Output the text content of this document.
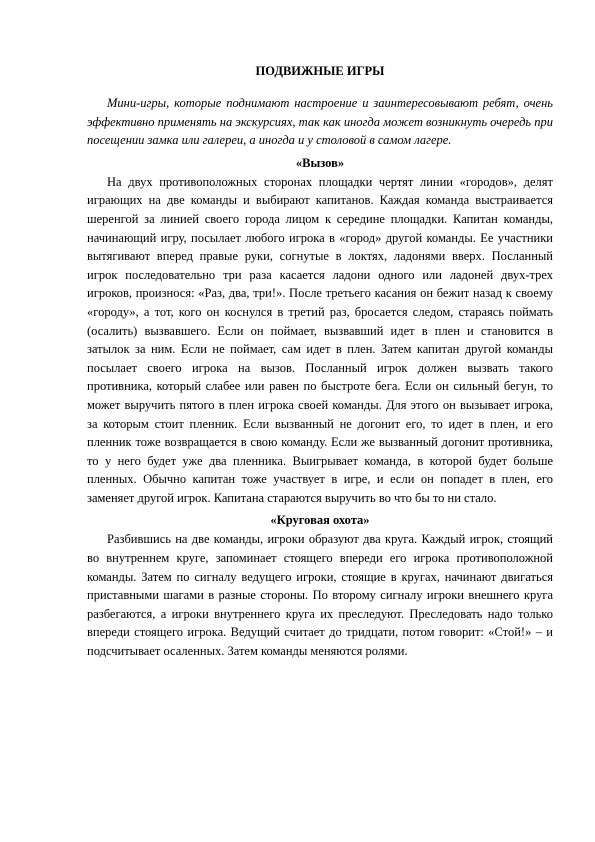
ПОДВИЖНЫЕ ИГРЫ

Мини-игры, которые поднимают настроение и заинтересовывают ребят, очень эффективно применять на экскурсиях, так как иногда может возникнуть очередь при посещении замка или галереи, а иногда и у столовой в самом лагере.

«Вызов»

На двух противоположных сторонах площадки чертят линии «городов», делят играющих на две команды и выбирают капитанов. Каждая команда выстраивается шеренгой за линией своего города лицом к середине площадки. Капитан команды, начинающий игру, посылает любого игрока в «город» другой команды. Ее участники вытягивают вперед правые руки, согнутые в локтях, ладонями вверх. Посланный игрок последовательно три раза касается ладони одного или ладоней двух-трех игроков, произнося: «Раз, два, три!». После третьего касания он бежит назад к своему «городу», а тот, кого он коснулся в третий раз, бросается следом, стараясь поймать (осалить) вызвавшего. Если он поймает, вызвавший идет в плен и становится в затылок за ним. Если не поймает, сам идет в плен. Затем капитан другой команды посылает своего игрока на вызов. Посланный игрок должен вызвать такого противника, который слабее или равен по быстроте бега. Если он сильный бегун, то может выручить пятого в плен игрока своей команды. Для этого он вызывает игрока, за которым стоит пленник. Если вызванный не догонит его, то идет в плен, и его пленник тоже возвращается в свою команду. Если же вызванный догонит противника, то у него будет уже два пленника. Выигрывает команда, в которой будет больше пленных. Обычно капитан тоже участвует в игре, и если он попадет в плен, его заменяет другой игрок. Капитана стараются выручить во что бы то ни стало.

«Круговая охота»

Разбившись на две команды, игроки образуют два круга. Каждый игрок, стоящий во внутреннем круге, запоминает стоящего впереди его игрока противоположной команды. Затем по сигналу ведущего игроки, стоящие в кругах, начинают двигаться приставными шагами в разные стороны. По второму сигналу игроки внешнего круга разбегаются, а игроки внутреннего круга их преследуют. Преследовать надо только впереди стоящего игрока. Ведущий считает до тридцати, потом говорит: «Стой!» – и подсчитывает осаленных. Затем команды меняются ролями.
